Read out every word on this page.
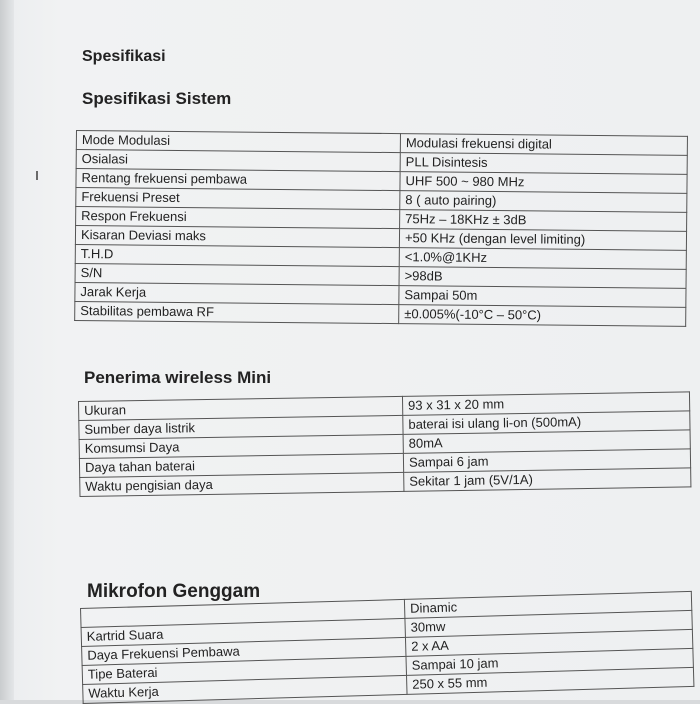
Spesifikasi
Spesifikasi Sistem
Mode Modulasi	Modulasi frekuensi digital
Osialasi	PLL Disintesis
Rentang frekuensi pembawa	UHF 500 ~ 980 MHz
Frekuensi Preset	8 ( auto pairing)
Respon Frekuensi	75Hz – 18KHz ± 3dB
Kisaran Deviasi maks	+50 KHz (dengan level limiting)
T.H.D	<1.0%@1KHz
S/N	>98dB
Jarak Kerja	Sampai 50m
Stabilitas pembawa RF	±0.005%(-10°C – 50°C)
Penerima wireless Mini
Ukuran	93 x 31 x 20 mm
Sumber daya listrik	baterai isi ulang li-on (500mA)
Komsumsi Daya	80mA
Daya tahan baterai	Sampai 6 jam
Waktu pengisian daya	Sekitar 1 jam (5V/1A)
Mikrofon Genggam
	Dinamic
Kartrid Suara	30mw
Daya Frekuensi Pembawa	2 x AA
Tipe Baterai	Sampai 10 jam
Waktu Kerja	250 x 55 mm
